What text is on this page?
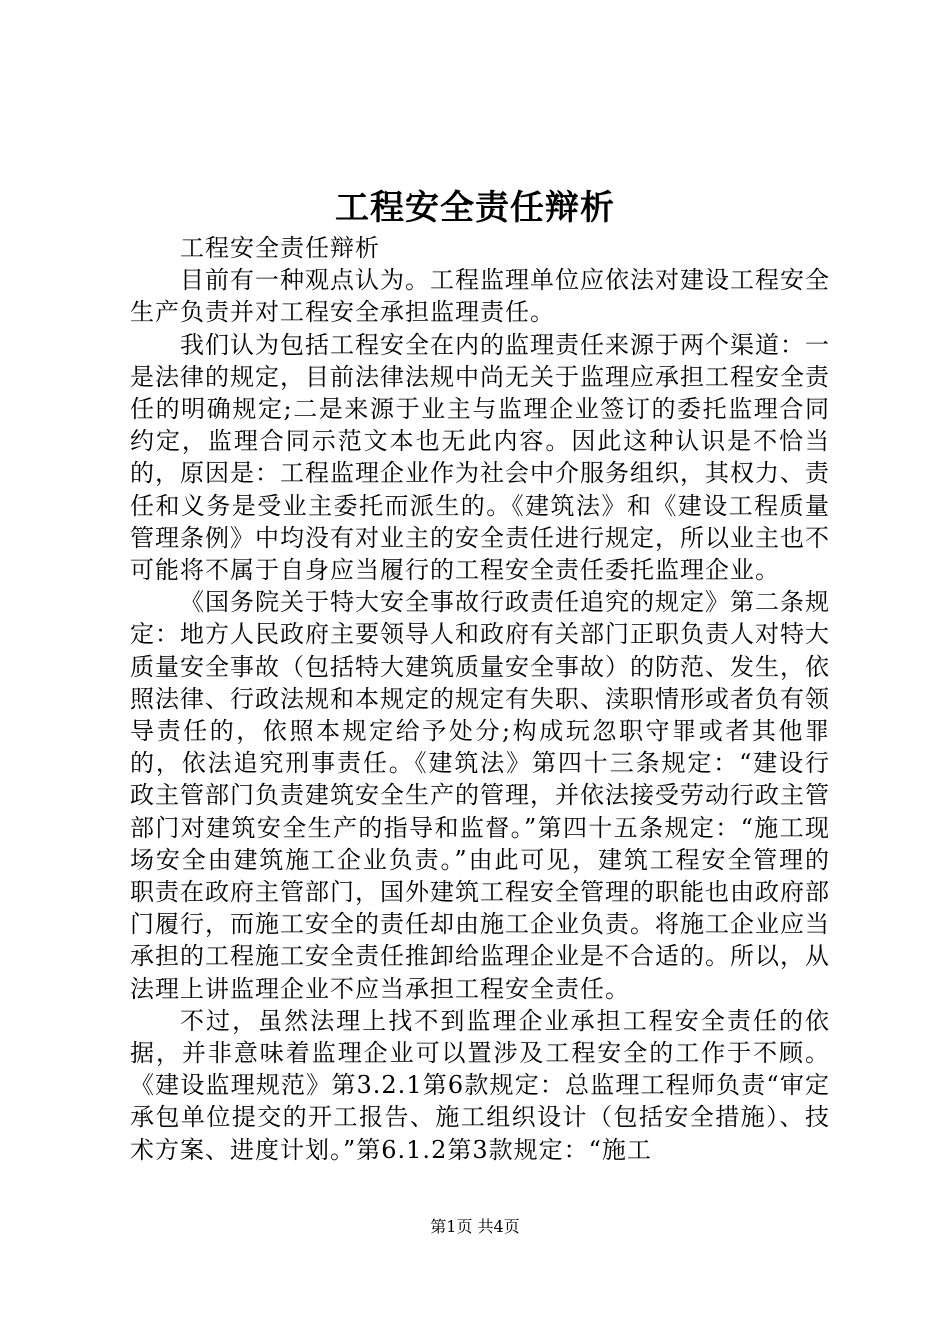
工程安全责任辩析

工程安全责任辩析

目前有一种观点认为。工程监理单位应依法对建设工程安全生产负责并对工程安全承担监理责任。

我们认为包括工程安全在内的监理责任来源于两个渠道：一是法律的规定，目前法律法规中尚无关于监理应承担工程安全责任的明确规定;二是来源于业主与监理企业签订的委托监理合同约定，监理合同示范文本也无此内容。因此这种认识是不恰当的，原因是：工程监理企业作为社会中介服务组织，其权力、责任和义务是受业主委托而派生的。《建筑法》和《建设工程质量管理条例》中均没有对业主的安全责任进行规定，所以业主也不可能将不属于自身应当履行的工程安全责任委托监理企业。

《国务院关于特大安全事故行政责任追究的规定》第二条规定：地方人民政府主要领导人和政府有关部门正职负责人对特大质量安全事故（包括特大建筑质量安全事故）的防范、发生，依照法律、行政法规和本规定的规定有失职、渎职情形或者负有领导责任的，依照本规定给予处分;构成玩忽职守罪或者其他罪的，依法追究刑事责任。《建筑法》第四十三条规定：“建设行政主管部门负责建筑安全生产的管理，并依法接受劳动行政主管部门对建筑安全生产的指导和监督。”第四十五条规定：“施工现场安全由建筑施工企业负责。”由此可见，建筑工程安全管理的职责在政府主管部门，国外建筑工程安全管理的职能也由政府部门履行，而施工安全的责任却由施工企业负责。将施工企业应当承担的工程施工安全责任推卸给监理企业是不合适的。所以，从法理上讲监理企业不应当承担工程安全责任。

不过，虽然法理上找不到监理企业承担工程安全责任的依据，并非意味着监理企业可以置涉及工程安全的工作于不顾。《建设监理规范》第3.2.1第6款规定：总监理工程师负责“审定承包单位提交的开工报告、施工组织设计（包括安全措施）、技术方案、进度计划。”第6.1.2第3款规定：“施工

第1页 共4页
